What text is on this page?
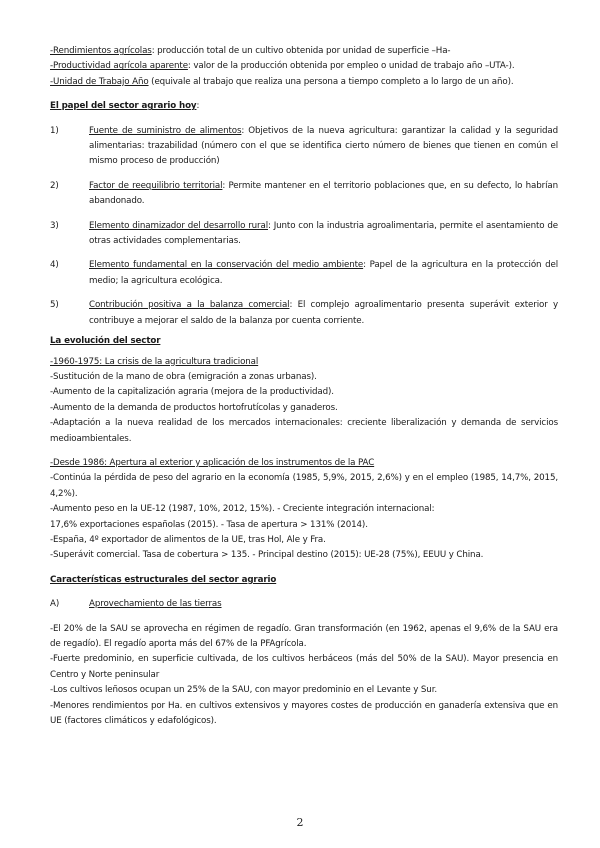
-Rendimientos agrícolas: producción total de un cultivo obtenida por unidad de superficie –Ha-

-Productividad agrícola aparente: valor de la producción obtenida por empleo o unidad de trabajo año –UTA-).

-Unidad de Trabajo Año (equivale al trabajo que realiza una persona a tiempo completo a lo largo de un año).

El papel del sector agrario hoy:

1)	Fuente de suministro de alimentos: Objetivos de la nueva agricultura: garantizar la calidad y la seguridad alimentarias: trazabilidad (número con el que se identifica cierto número de bienes que tienen en común el mismo proceso de producción)
2)	Factor de reequilibrio territorial: Permite mantener en el territorio poblaciones que, en su defecto, lo habrían abandonado.
3)	Elemento dinamizador del desarrollo rural: Junto con la industria agroalimentaria, permite el asentamiento de otras actividades complementarias.
4)	Elemento fundamental en la conservación del medio ambiente: Papel de la agricultura en la protección del medio; la agricultura ecológica.
5)	Contribución positiva a la balanza comercial: El complejo agroalimentario presenta superávit exterior y contribuye a mejorar el saldo de la balanza por cuenta corriente.

La evolución del sector

-1960-1975: La crisis de la agricultura tradicional

-Sustitución de la mano de obra (emigración a zonas urbanas).

-Aumento de la capitalización agraria (mejora de la productividad).

-Aumento de la demanda de productos hortofrutícolas y ganaderos.

-Adaptación a la nueva realidad de los mercados internacionales: creciente liberalización y demanda de servicios medioambientales.

-Desde 1986: Apertura al exterior y aplicación de los instrumentos de la PAC

-Continúa la pérdida de peso del agrario en la economía (1985, 5,9%, 2015, 2,6%) y en el empleo (1985, 14,7%, 2015, 4,2%).

-Aumento peso en la UE-12 (1987, 10%, 2012, 15%). - Creciente integración internacional:

17,6% exportaciones españolas (2015). - Tasa de apertura > 131% (2014).

-España, 4º exportador de alimentos de la UE, tras Hol, Ale y Fra.

-Superávit comercial. Tasa de cobertura > 135. - Principal destino (2015): UE-28 (75%), EEUU y China.

Características estructurales del sector agrario

A)	Aprovechamiento de las tierras

-El 20% de la SAU se aprovecha en régimen de regadío. Gran transformación (en 1962, apenas el 9,6% de la SAU era de regadío). El regadío aporta más del 67% de la PFAgrícola.

-Fuerte predominio, en superficie cultivada, de los cultivos herbáceos (más del 50% de la SAU). Mayor presencia en Centro y Norte peninsular

-Los cultivos leñosos ocupan un 25% de la SAU, con mayor predominio en el Levante y Sur.

-Menores rendimientos por Ha. en cultivos extensivos y mayores costes de producción en ganadería extensiva que en UE (factores climáticos y edafológicos).

2
